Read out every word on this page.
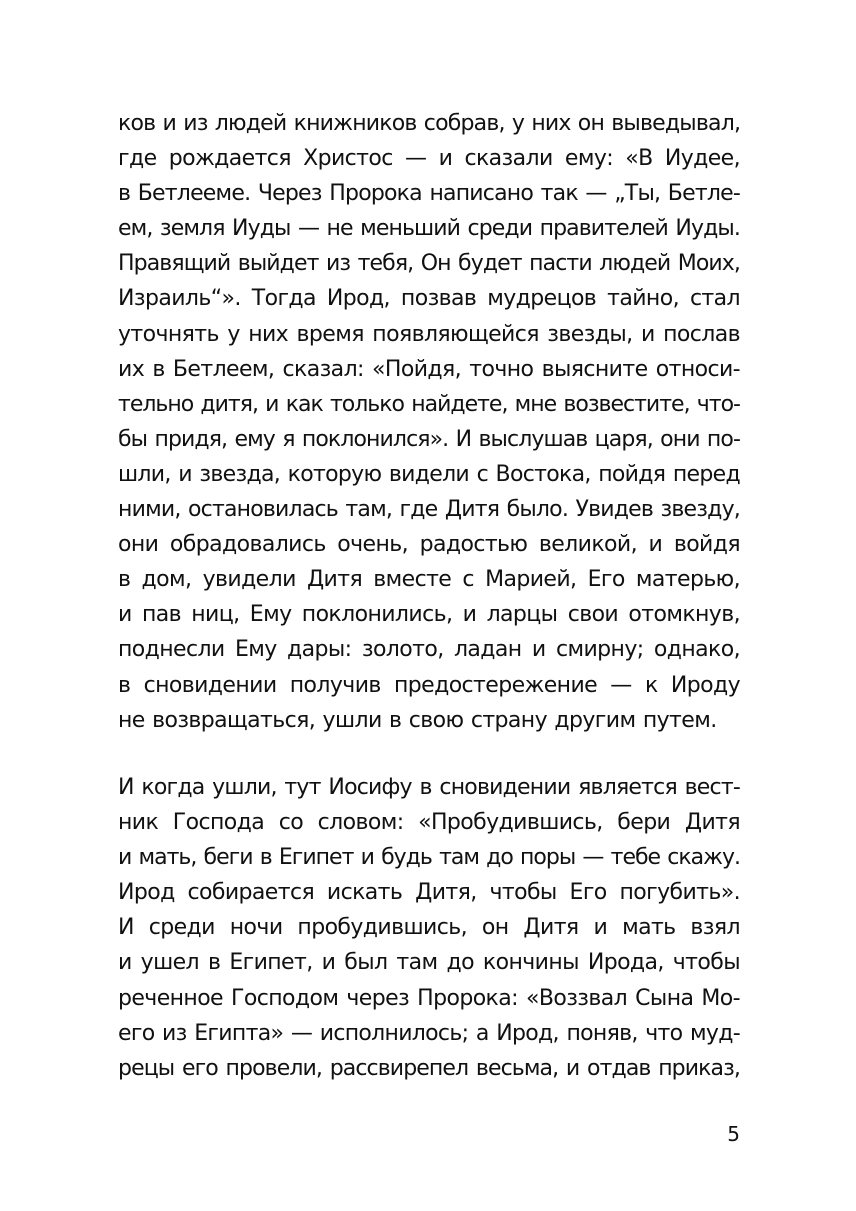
ков и из людей книжников собрав, у них он выведывал,
где рождается Христос — и сказали ему: «В Иудее,
в Бетлееме. Через Пророка написано так — „Ты, Бетле-
ем, земля Иуды — не меньший среди правителей Иуды.
Правящий выйдет из тебя, Он будет пасти людей Моих,
Израиль“». Тогда Ирод, позвав мудрецов тайно, стал
уточнять у них время появляющейся звезды, и послав
их в Бетлеем, сказал: «Пойдя, точно выясните относи-
тельно дитя, и как только найдете, мне возвестите, что-
бы придя, ему я поклонился». И выслушав царя, они по-
шли, и звезда, которую видели с Востока, пойдя перед
ними, остановилась там, где Дитя было. Увидев звезду,
они обрадовались очень, радостью великой, и войдя
в дом, увидели Дитя вместе с Марией, Его матерью,
и пав ниц, Ему поклонились, и ларцы свои отомкнув,
поднесли Ему дары: золото, ладан и смирну; однако,
в сновидении получив предостережение — к Ироду
не возвращаться, ушли в свою страну другим путем.
И когда ушли, тут Иосифу в сновидении является вест-
ник Господа со словом: «Пробудившись, бери Дитя
и мать, беги в Египет и будь там до поры — тебе скажу.
Ирод собирается искать Дитя, чтобы Его погубить».
И среди ночи пробудившись, он Дитя и мать взял
и ушел в Египет, и был там до кончины Ирода, чтобы
реченное Господом через Пророка: «Воззвал Сына Мо-
его из Египта» — исполнилось; а Ирод, поняв, что муд-
рецы его провели, рассвирепел весьма, и отдав приказ,
5
